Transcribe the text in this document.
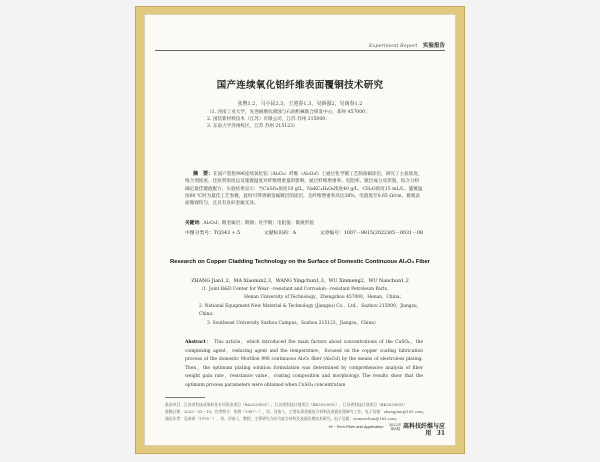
Experiment Report 实验报告
国产连续氧化铝纤维表面覆铜技术研究
张煦1,2，马小民2,3，王迎春1,3，吴新强2，吴南春1,2
（1. 河南工业大学，先进耐磨抗腐蚀与石油机械联合研发中心，郑州 457000；
2. 国装新材料技术（江苏）有限公司，江苏 苏州 215000；
3. 东南大学苏州校区，江苏 苏州 215123）
摘　要：在国产莫伦996连续氧化铝（Al₂O₃）纤维（Al₂O₃f）上通过化学镀工艺制备铜涂层，研究了主盐浓度、络合剂浓度、还原剂浓度以及施镀温度对纤维增重量的影响，通过纤维增重率、电阻率、镀层成分及形貌，综合分析确定最佳镀液配方，实验结果显示：当CuSO₄浓度10 g/L、NaKC₄H₄O₆浓度40 g/L、CH₂O浓度15 mL/L、施镀温度60 ℃时为最佳工艺参数，此时可得到铜金属镀层的涂层，且纤维增重率高达38%，电阻低至0.65 Ω/cm，微观表面微观均匀，且具有良好金属光泽。
关键词：Al₂O₃f；镀金属层；镀铜；化学镀；电阻值；微观形貌
中图分类号：TQ343 +.5	文献标识码：A	文章编号：1007－9815(2022)05－0031－08
Research on Copper Cladding Technology on the Surface of Domestic Continuous Al₂O₃ Fiber
ZHANG Jian1,2，MA Xiaomin2,3，WANG Yingchun1,3，WU Xinmeng2，WU Nanchun1,2
（1. Joint R&D Center for Wear－resistant and Corrosion－resistant Petroleum Parts，
Henan University of Technology，Zhengzhou 457000，Henan，China；
2. National Equipment New Material & Technology (Jiangsu) Co.，Ltd.，Suzhou 215000，Jiangsu，China；
3. Southeast University Suzhou Campus，Suzhou 215123，Jiangsu，China）
Abstract： This article，which introduced the main factors about concentrations of the CuSO₄，the complexing agent，reducing agent and the temperature，focused on the copper coating fabrication process of the domestic Morillon 996 continuous Al₂O₃ fiber (Al₂O₃f) by the means of electroless plating. Then，the optimum plating solution formulation was determined by comprehensive analysis of fiber weight gain rate，resistance value，coating composition and morphology. The results show that the optimum process parameters were obtained when CuSO₄ concentration
基金项目：江苏省科技成果转化专项资金项目（BA2020051），江苏省科技计划项目（BE2020091），江苏省科技计划项目（BK2020091）
收稿日期：2022－01－10；作者简介：张煦（1987－），男，河南人，主要从事金属复合材料及表面处理研究工作。电子信箱：zhangjian@163.com。
通讯作者：吴南春（1978－），男，河南人，教授，主要研究方向为复合材料及表面处理技术研究。电子信箱：wunanchun@163.com。
Hi－Tech Fiber and Application 2022年
第5期 高科技纤维与应用 31
